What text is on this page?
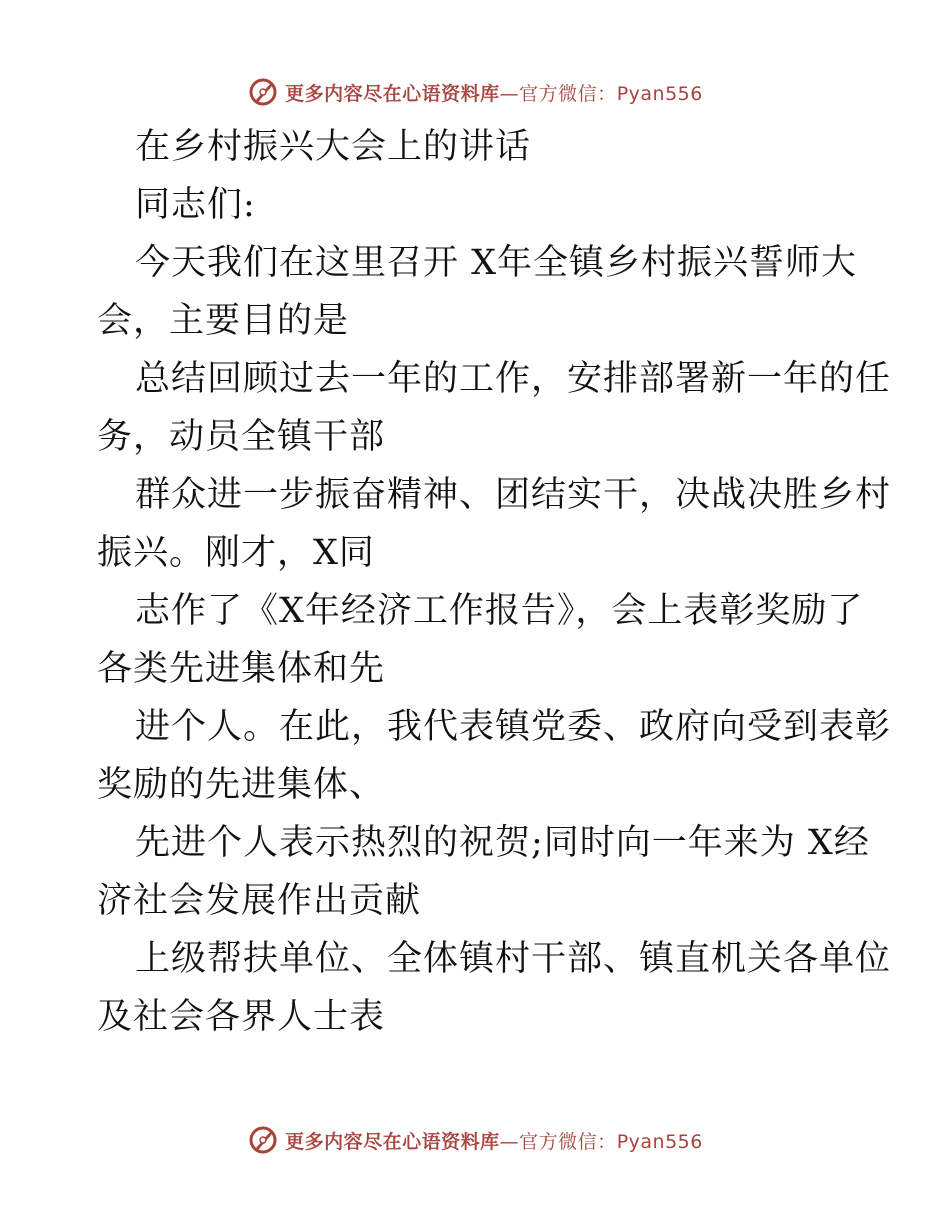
更多内容尽在心语资料库—官方微信：Pyan556
在乡村振兴大会上的讲话
同志们:
今天我们在这里召开 X年全镇乡村振兴誓师大
会，主要目的是
总结回顾过去一年的工作，安排部署新一年的任
务，动员全镇干部
群众进一步振奋精神、团结实干，决战决胜乡村
振兴。刚才，X同
志作了《X年经济工作报告》，会上表彰奖励了
各类先进集体和先
进个人。在此，我代表镇党委、政府向受到表彰
奖励的先进集体、
先进个人表示热烈的祝贺;同时向一年来为 X经
济社会发展作出贡献
上级帮扶单位、全体镇村干部、镇直机关各单位
及社会各界人士表
更多内容尽在心语资料库—官方微信：Pyan556
